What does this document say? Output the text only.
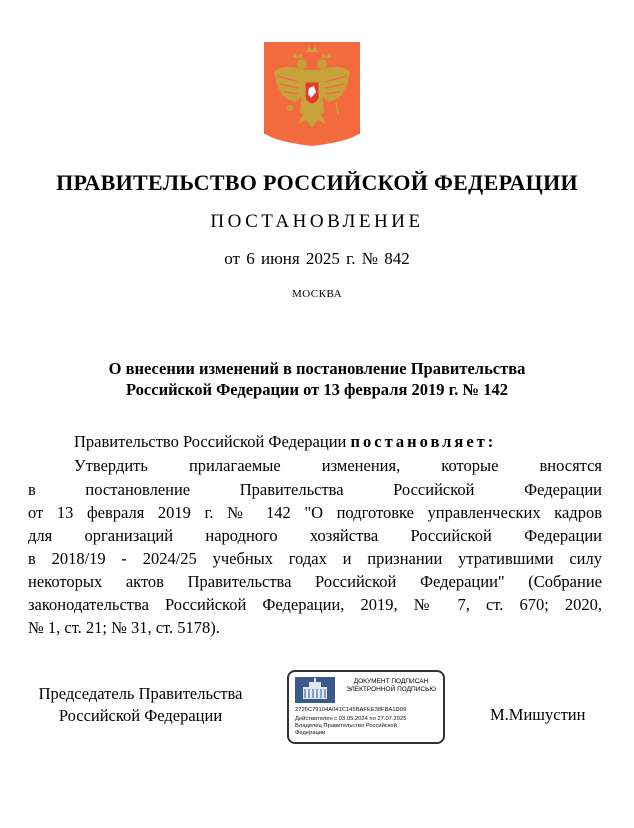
ПРАВИТЕЛЬСТВО РОССИЙСКОЙ ФЕДЕРАЦИИ
ПОСТАНОВЛЕНИЕ
от 6 июня 2025 г. № 842
МОСКВА
О внесении изменений в постановление Правительства
Российской Федерации от 13 февраля 2019 г. № 142
Правительство Российской Федерации постановляет:
Утвердить прилагаемые изменения, которые вносятся
в постановление Правительства Российской Федерации
от 13 февраля 2019 г. № 142 "О подготовке управленческих кадров
для организаций народного хозяйства Российской Федерации
в 2018/19 - 2024/25 учебных годах и признании утратившими силу
некоторых актов Правительства Российской Федерации" (Собрание
законодательства Российской Федерации, 2019, № 7, ст. 670; 2020,
№ 1, ст. 21; № 31, ст. 5178).
Председатель Правительства
Российской Федерации
ДОКУМЕНТ ПОДПИСАН
ЭЛЕКТРОННОЙ ПОДПИСЬЮ
2726C79104A041C145BAFEE38FBA1D09
Действителен с 03.05.2024 по 27.07.2025
Владелец Правительство Российской
Федерации
М.Мишустин
